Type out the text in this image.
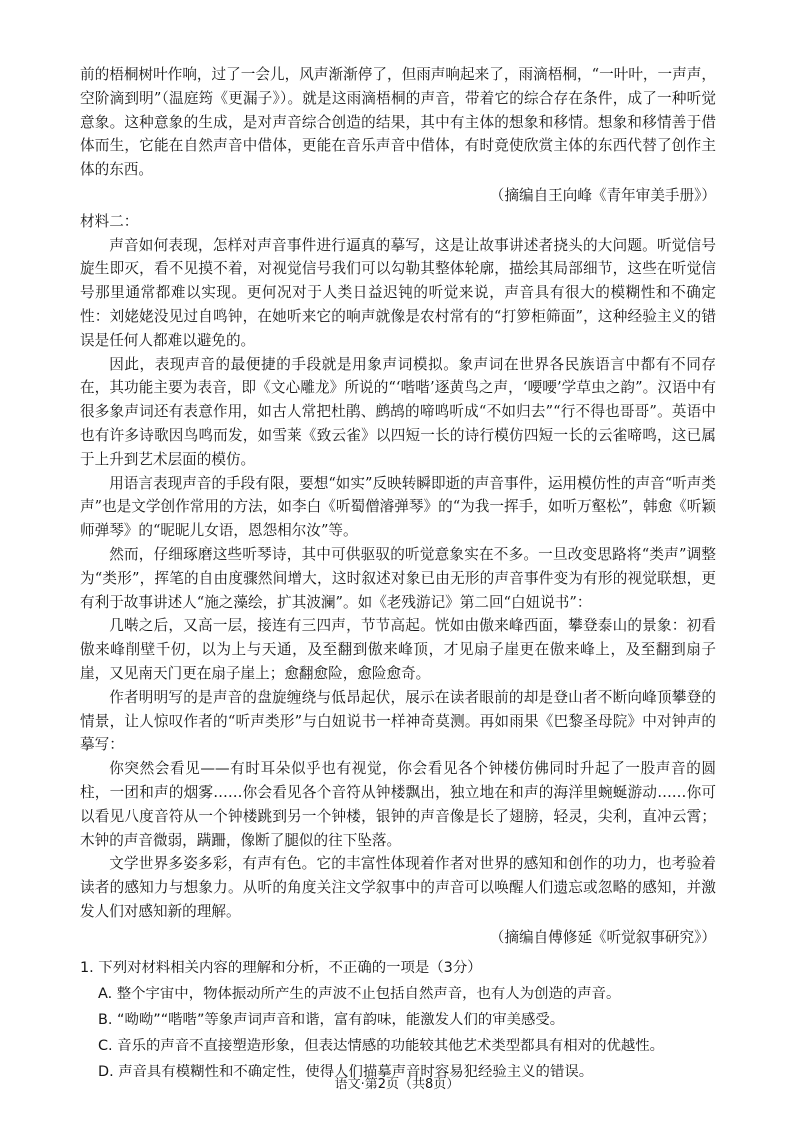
前的梧桐树叶作响，过了一会儿，风声渐渐停了，但雨声响起来了，雨滴梧桐，“一叶叶，一声声，空阶滴到明”（温庭筠《更漏子》）。就是这雨滴梧桐的声音，带着它的综合存在条件，成了一种听觉意象。这种意象的生成，是对声音综合创造的结果，其中有主体的想象和移情。想象和移情善于借体而生，它能在自然声音中借体，更能在音乐声音中借体，有时竟使欣赏主体的东西代替了创作主体的东西。

（摘编自王向峰《青年审美手册》）

材料二：

声音如何表现，怎样对声音事件进行逼真的摹写，这是让故事讲述者挠头的大问题。听觉信号旋生即灭，看不见摸不着，对视觉信号我们可以勾勒其整体轮廓，描绘其局部细节，这些在听觉信号那里通常都难以实现。更何况对于人类日益迟钝的听觉来说，声音具有很大的模糊性和不确定性：刘姥姥没见过自鸣钟，在她听来它的响声就像是农村常有的“打箩柜筛面”，这种经验主义的错误是任何人都难以避免的。

因此，表现声音的最便捷的手段就是用象声词模拟。象声词在世界各民族语言中都有不同存在，其功能主要为表音，即《文心雕龙》所说的“‘喈喈’逐黄鸟之声，‘喓喓’学草虫之韵”。汉语中有很多象声词还有表意作用，如古人常把杜鹃、鹧鸪的啼鸣听成“不如归去”“行不得也哥哥”。英语中也有许多诗歌因鸟鸣而发，如雪莱《致云雀》以四短一长的诗行模仿四短一长的云雀啼鸣，这已属于上升到艺术层面的模仿。

用语言表现声音的手段有限，要想“如实”反映转瞬即逝的声音事件，运用模仿性的声音“听声类声”也是文学创作常用的方法，如李白《听蜀僧濬弹琴》的“为我一挥手，如听万壑松”，韩愈《听颖师弹琴》的“昵昵儿女语，恩怨相尔汝”等。

然而，仔细琢磨这些听琴诗，其中可供驱驭的听觉意象实在不多。一旦改变思路将“类声”调整为“类形”，挥笔的自由度骤然间增大，这时叙述对象已由无形的声音事件变为有形的视觉联想，更有利于故事讲述人“施之藻绘，扩其波澜”。如《老残游记》第二回“白妞说书”：

几啭之后，又高一层，接连有三四声，节节高起。恍如由傲来峰西面，攀登泰山的景象：初看傲来峰削壁千仞，以为上与天通，及至翻到傲来峰顶，才见扇子崖更在傲来峰上，及至翻到扇子崖，又见南天门更在扇子崖上；愈翻愈险，愈险愈奇。

作者明明写的是声音的盘旋缠绕与低昂起伏，展示在读者眼前的却是登山者不断向峰顶攀登的情景，让人惊叹作者的“听声类形”与白妞说书一样神奇莫测。再如雨果《巴黎圣母院》中对钟声的摹写：

你突然会看见——有时耳朵似乎也有视觉，你会看见各个钟楼仿佛同时升起了一股声音的圆柱，一团和声的烟雾……你会看见各个音符从钟楼飘出，独立地在和声的海洋里蜿蜒游动……你可以看见八度音符从一个钟楼跳到另一个钟楼，银钟的声音像是长了翅膀，轻灵，尖利，直冲云霄；木钟的声音微弱，蹒跚，像断了腿似的往下坠落。

文学世界多姿多彩，有声有色。它的丰富性体现着作者对世界的感知和创作的功力，也考验着读者的感知力与想象力。从听的角度关注文学叙事中的声音可以唤醒人们遗忘或忽略的感知，并激发人们对感知新的理解。

（摘编自傅修延《听觉叙事研究》）

1. 下列对材料相关内容的理解和分析，不正确的一项是（3分）

A. 整个宇宙中，物体振动所产生的声波不止包括自然声音，也有人为创造的声音。

B. “呦呦”“喈喈”等象声词声音和谐，富有韵味，能激发人们的审美感受。

C. 音乐的声音不直接塑造形象，但表达情感的功能较其他艺术类型都具有相对的优越性。

D. 声音具有模糊性和不确定性，使得人们描摹声音时容易犯经验主义的错误。

语文·第2页（共8页）
